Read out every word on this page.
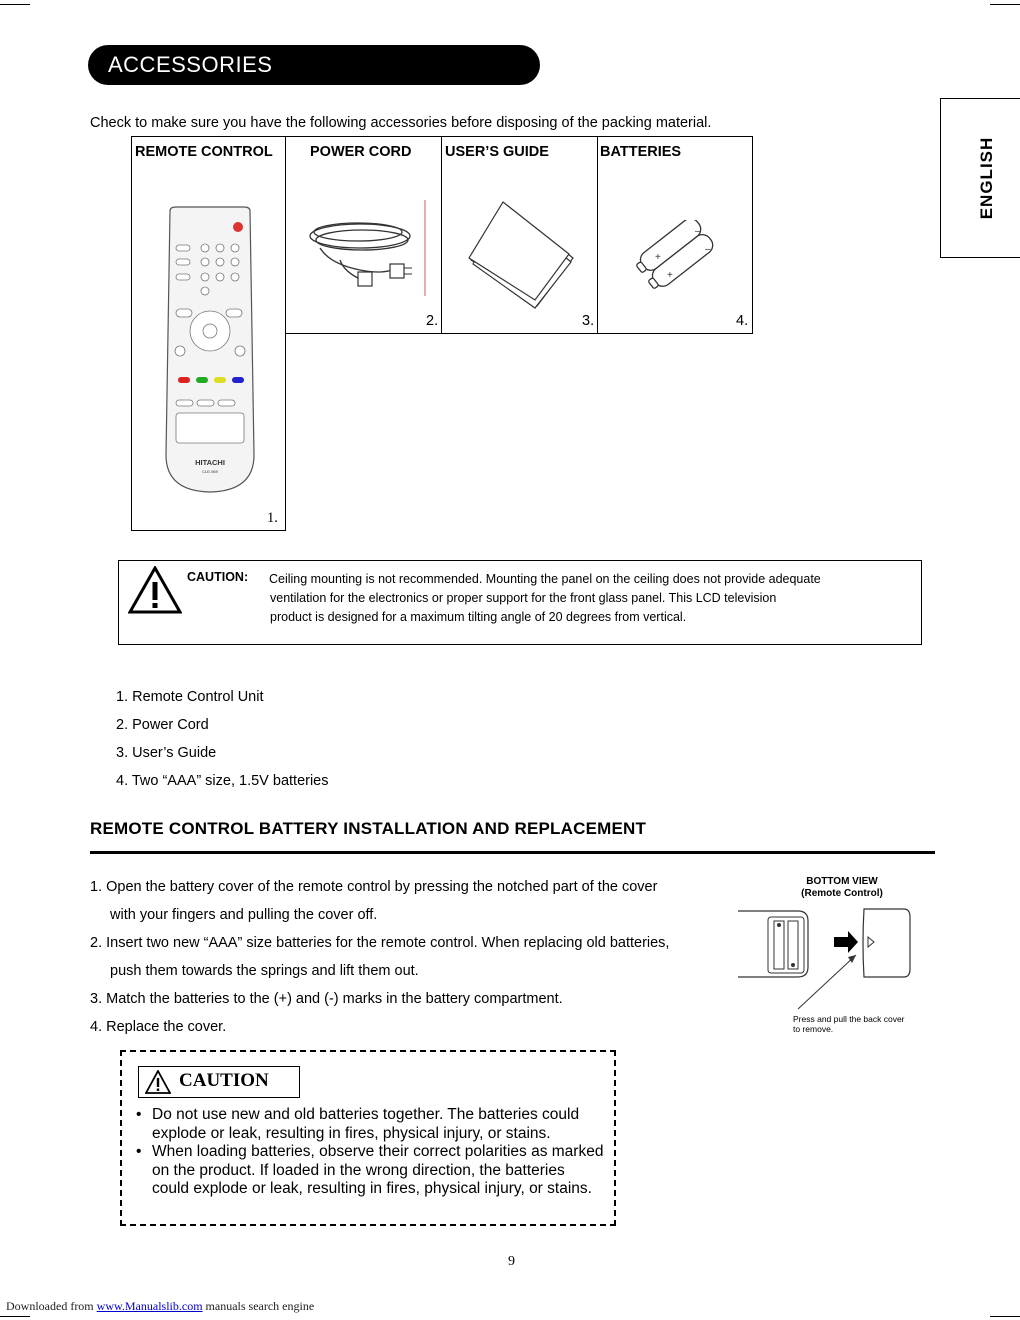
ACCESSORIES
ENGLISH
Check to make sure you have the following accessories before disposing of the packing material.
REMOTE CONTROL	POWER CORD USER’S GUIDE	BATTERIES
1.
2.	3.	4.
HITACHI
CLE-969
+
+
–
–
CAUTION: Ceiling mounting is not recommended. Mounting the panel on the ceiling does not provide adequate
ventilation for the electronics or proper support for the front glass panel. This LCD television
product is designed for a maximum tilting angle of 20 degrees from vertical.
1. Remote Control Unit
2. Power Cord
3. User’s Guide
4. Two “AAA” size, 1.5V batteries
REMOTE CONTROL BATTERY INSTALLATION AND REPLACEMENT
1. Open the battery cover of the remote control by pressing the notched part of the cover
with your fingers and pulling the cover off.
2. Insert two new “AAA” size batteries for the remote control. When replacing old batteries,
push them towards the springs and lift them out.
3. Match the batteries to the (+) and (-) marks in the battery compartment.
4. Replace the cover.
BOTTOM VIEW
(Remote Control)
Press and pull the back cover
to remove.
CAUTION
• Do not use new and old batteries together. The batteries could explode or leak, resulting in fires, physical injury, or stains.
• When loading batteries, observe their correct polarities as marked on the product. If loaded in the wrong direction, the batteries could explode or leak, resulting in fires, physical injury, or stains.
9
Downloaded from www.Manualslib.com manuals search engine
